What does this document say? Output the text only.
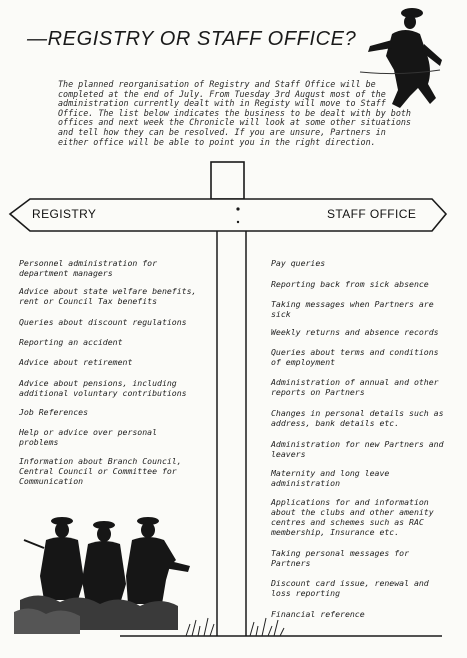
—REGISTRY OR STAFF OFFICE?

The planned reorganisation of Registry and Staff Office will be completed at the end of July. From Tuesday 3rd August most of the administration currently dealt with in Registy will move to Staff Office. The list below indicates the business to be dealt with by both offices and next week the Chronicle will look at some other situations and tell how they can be resolved. If you are unsure, Partners in either office will be able to point you in the right direction.

REGISTRY	STAFF OFFICE
Personnel administration for department managers
Advice about state welfare benefits, rent or Council Tax benefits
Queries about discount regulations
Reporting an accident
Advice about retirement
Advice about pensions, including additional voluntary contributions
Job References
Help or advice over personal problems
Information about Branch Council, Central Council or Committee for Communication
Pay queries
Reporting back from sick absence
Taking messages when Partners are sick
Weekly returns and absence records
Queries about terms and conditions of employment
Administration of annual and other reports on Partners
Changes in personal details such as address, bank details etc.
Administration for new Partners and leavers
Maternity and long leave administration
Applications for and information about the clubs and other amenity centres and schemes such as RAC membership, Insurance etc.
Taking personal messages for Partners
Discount card issue, renewal and loss reporting
Financial reference
